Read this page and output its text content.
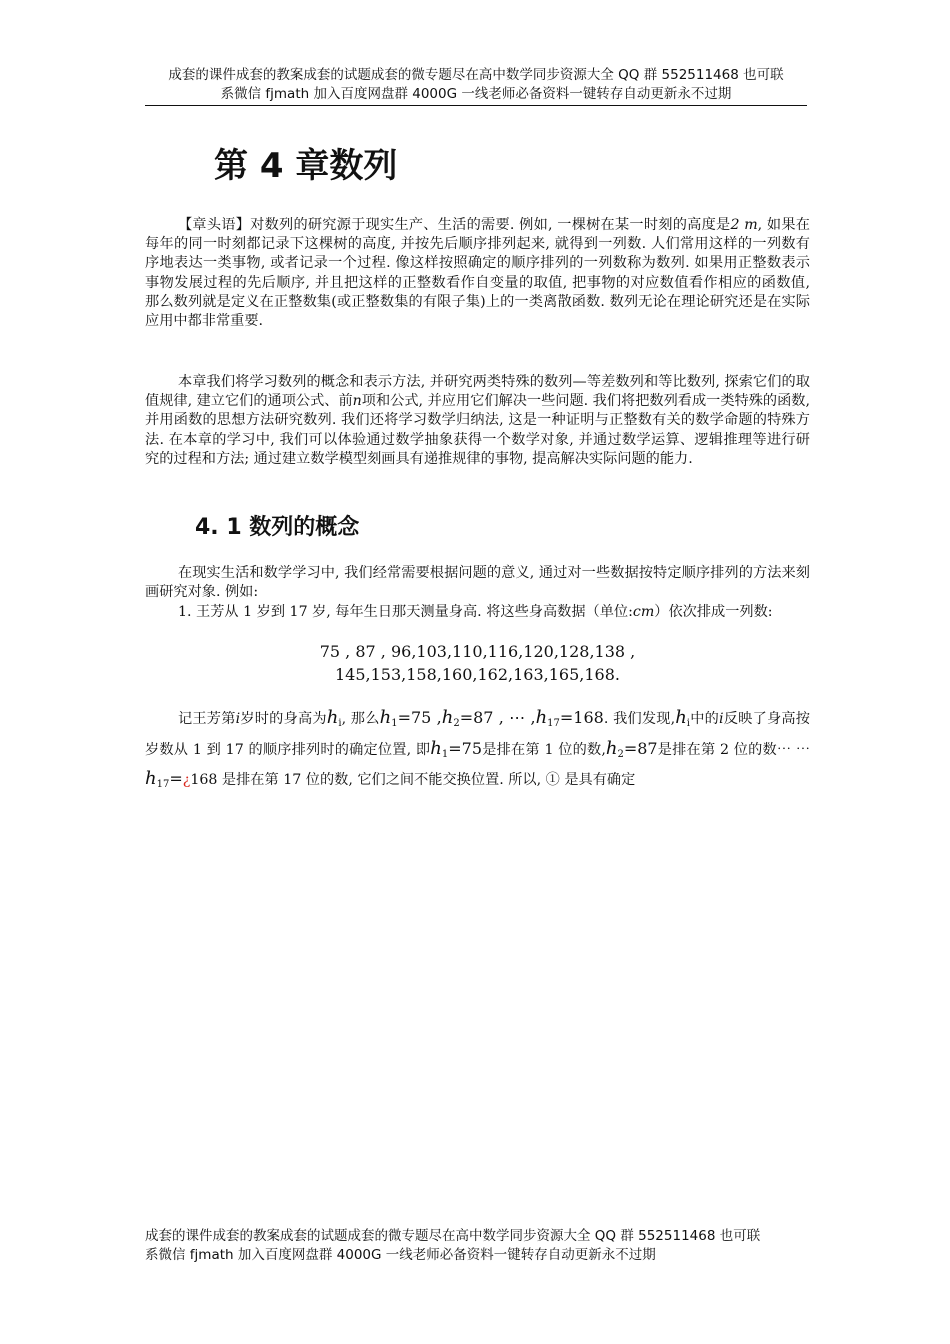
成套的课件成套的教案成套的试题成套的微专题尽在高中数学同步资源大全 QQ 群 552511468 也可联
系微信 fjmath 加入百度网盘群 4000G 一线老师必备资料一键转存自动更新永不过期
第 4 章数列

【章头语】对数列的研究源于现实生产、生活的需要. 例如, 一棵树在某一时刻的高度是2 m, 如果在每年的同一时刻都记录下这棵树的高度, 并按先后顺序排列起来, 就得到一列数. 人们常用这样的一列数有序地表达一类事物, 或者记录一个过程. 像这样按照确定的顺序排列的一列数称为数列. 如果用正整数表示事物发展过程的先后顺序, 并且把这样的正整数看作自变量的取值, 把事物的对应数值看作相应的函数值, 那么数列就是定义在正整数集(或正整数集的有限子集)上的一类离散函数. 数列无论在理论研究还是在实际应用中都非常重要.

本章我们将学习数列的概念和表示方法, 并研究两类特殊的数列—等差数列和等比数列, 探索它们的取值规律, 建立它们的通项公式、前n项和公式, 并应用它们解决一些问题. 我们将把数列看成一类特殊的函数, 并用函数的思想方法研究数列. 我们还将学习数学归纳法, 这是一种证明与正整数有关的数学命题的特殊方法. 在本章的学习中, 我们可以体验通过数学抽象获得一个数学对象, 并通过数学运算、逻辑推理等进行研究的过程和方法; 通过建立数学模型刻画具有递推规律的事物, 提高解决实际问题的能力.

4. 1 数列的概念

在现实生活和数学学习中, 我们经常需要根据问题的意义, 通过对一些数据按特定顺序排列的方法来刻画研究对象. 例如:

1. 王芳从 1 岁到 17 岁, 每年生日那天测量身高. 将这些身高数据（单位:cm）依次排成一列数:

75 , 87 , 96,103,110,116,120,128,138 ,
145,153,158,160,162,163,165,168.

记王芳第i岁时的身高为$h_i$, 那么$h_1=75$ $,h_2=87$ , ⋯ $,h_{17}=168$. 我们发现$,h_i$中的i反映了身高按岁数从 1 到 17 的顺序排列时的确定位置, 即$h_1=75$是排在第 1 位的数$,h_2=87$是排在第 2 位的数⋯ $\cdots h_{17}=¿168$ 是排在第 17 位的数, 它们之间不能交换位置. 所以, ① 是具有确定

成套的课件成套的教案成套的试题成套的微专题尽在高中数学同步资源大全 QQ 群 552511468 也可联
系微信 fjmath 加入百度网盘群 4000G 一线老师必备资料一键转存自动更新永不过期
